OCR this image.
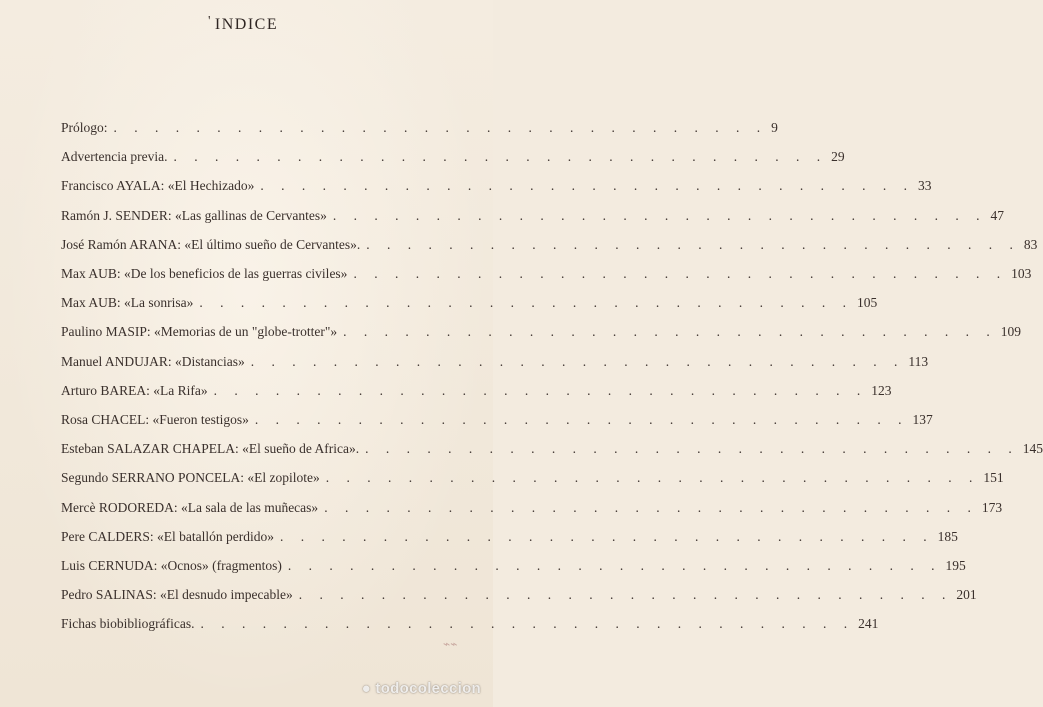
' INDICE
Prólogo: . . . . . . . . . . . . . . . . . . . . . . . . . . . . . . . . 9
Advertencia previa. . . . . . . . . . . . . . . . . . . . . . . . . . . . . . . . . 29
Francisco AYALA: «El Hechizado» . . . . . . . . . . . . . . . . . . . . . . . . . . . . . . . . 33
Ramón J. SENDER: «Las gallinas de Cervantes» . . . . . . . . . . . . . . . . . . . . . . . . . . . . . . . . 47
José Ramón ARANA: «El último sueño de Cervantes». . . . . . . . . . . . . . . . . . . . . . . . . . . . . . . . . 83
Max AUB: «De los beneficios de las guerras civiles» . . . . . . . . . . . . . . . . . . . . . . . . . . . . . . . . 103
Max AUB: «La sonrisa» . . . . . . . . . . . . . . . . . . . . . . . . . . . . . . . . 105
Paulino MASIP: «Memorias de un "globe-trotter"» . . . . . . . . . . . . . . . . . . . . . . . . . . . . . . . . 109
Manuel ANDUJAR: «Distancias» . . . . . . . . . . . . . . . . . . . . . . . . . . . . . . . . 113
Arturo BAREA: «La Rifa» . . . . . . . . . . . . . . . . . . . . . . . . . . . . . . . . 123
Rosa CHACEL: «Fueron testigos» . . . . . . . . . . . . . . . . . . . . . . . . . . . . . . . . 137
Esteban SALAZAR CHAPELA: «El sueño de Africa». . . . . . . . . . . . . . . . . . . . . . . . . . . . . . . . . 145
Segundo SERRANO PONCELA: «El zopilote» . . . . . . . . . . . . . . . . . . . . . . . . . . . . . . . . 151
Mercè RODOREDA: «La sala de las muñecas» . . . . . . . . . . . . . . . . . . . . . . . . . . . . . . . . 173
Pere CALDERS: «El batallón perdido» . . . . . . . . . . . . . . . . . . . . . . . . . . . . . . . . 185
Luis CERNUDA: «Ocnos» (fragmentos) . . . . . . . . . . . . . . . . . . . . . . . . . . . . . . . . 195
Pedro SALINAS: «El desnudo impecable» . . . . . . . . . . . . . . . . . . . . . . . . . . . . . . . . 201
Fichas biobibliográficas. . . . . . . . . . . . . . . . . . . . . . . . . . . . . . . . . 241
⌁⌁
● todocoleccion
